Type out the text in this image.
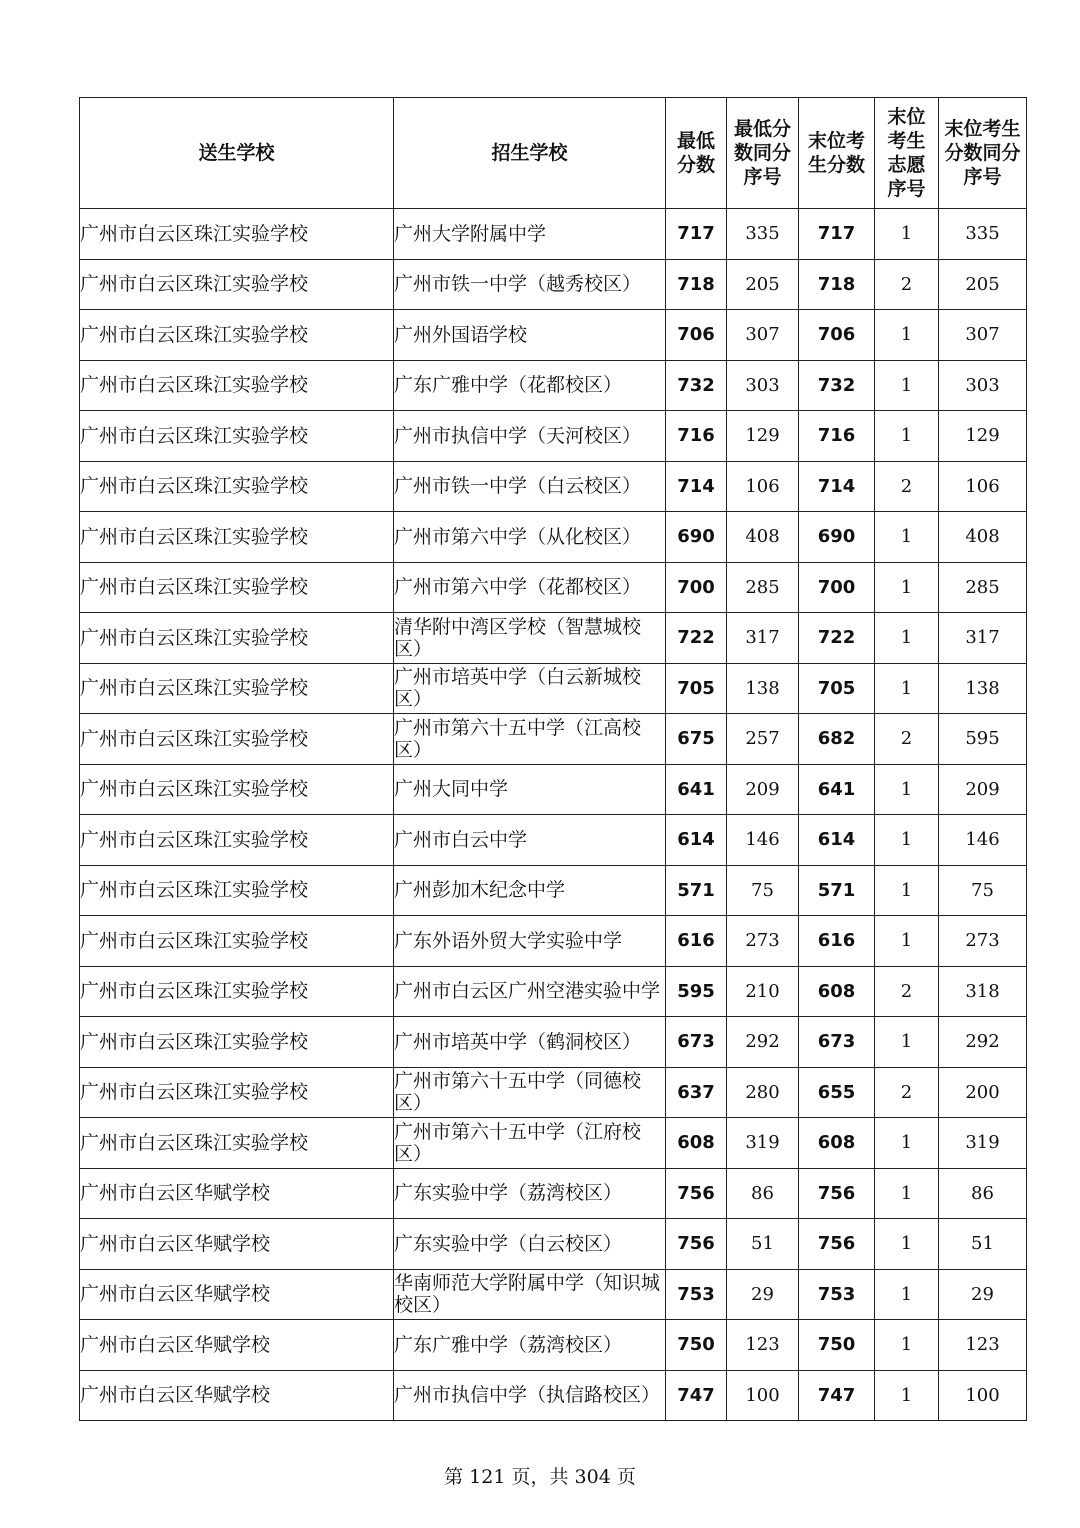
送生学校	招生学校	最低分数	最低分数同分序号	末位考生分数	末位考生志愿序号	末位考生分数同分序号
广州市白云区珠江实验学校	广州大学附属中学	717	335	717	1	335
广州市白云区珠江实验学校	广州市铁一中学（越秀校区）	718	205	718	2	205
广州市白云区珠江实验学校	广州外国语学校	706	307	706	1	307
广州市白云区珠江实验学校	广东广雅中学（花都校区）	732	303	732	1	303
广州市白云区珠江实验学校	广州市执信中学（天河校区）	716	129	716	1	129
广州市白云区珠江实验学校	广州市铁一中学（白云校区）	714	106	714	2	106
广州市白云区珠江实验学校	广州市第六中学（从化校区）	690	408	690	1	408
广州市白云区珠江实验学校	广州市第六中学（花都校区）	700	285	700	1	285
广州市白云区珠江实验学校	清华附中湾区学校（智慧城校区）	722	317	722	1	317
广州市白云区珠江实验学校	广州市培英中学（白云新城校区）	705	138	705	1	138
广州市白云区珠江实验学校	广州市第六十五中学（江高校区）	675	257	682	2	595
广州市白云区珠江实验学校	广州大同中学	641	209	641	1	209
广州市白云区珠江实验学校	广州市白云中学	614	146	614	1	146
广州市白云区珠江实验学校	广州彭加木纪念中学	571	75	571	1	75
广州市白云区珠江实验学校	广东外语外贸大学实验中学	616	273	616	1	273
广州市白云区珠江实验学校	广州市白云区广州空港实验中学	595	210	608	2	318
广州市白云区珠江实验学校	广州市培英中学（鹤洞校区）	673	292	673	1	292
广州市白云区珠江实验学校	广州市第六十五中学（同德校区）	637	280	655	2	200
广州市白云区珠江实验学校	广州市第六十五中学（江府校区）	608	319	608	1	319
广州市白云区华赋学校	广东实验中学（荔湾校区）	756	86	756	1	86
广州市白云区华赋学校	广东实验中学（白云校区）	756	51	756	1	51
广州市白云区华赋学校	华南师范大学附属中学（知识城校区）	753	29	753	1	29
广州市白云区华赋学校	广东广雅中学（荔湾校区）	750	123	750	1	123
广州市白云区华赋学校	广州市执信中学（执信路校区）	747	100	747	1	100
第 121 页，共 304 页
